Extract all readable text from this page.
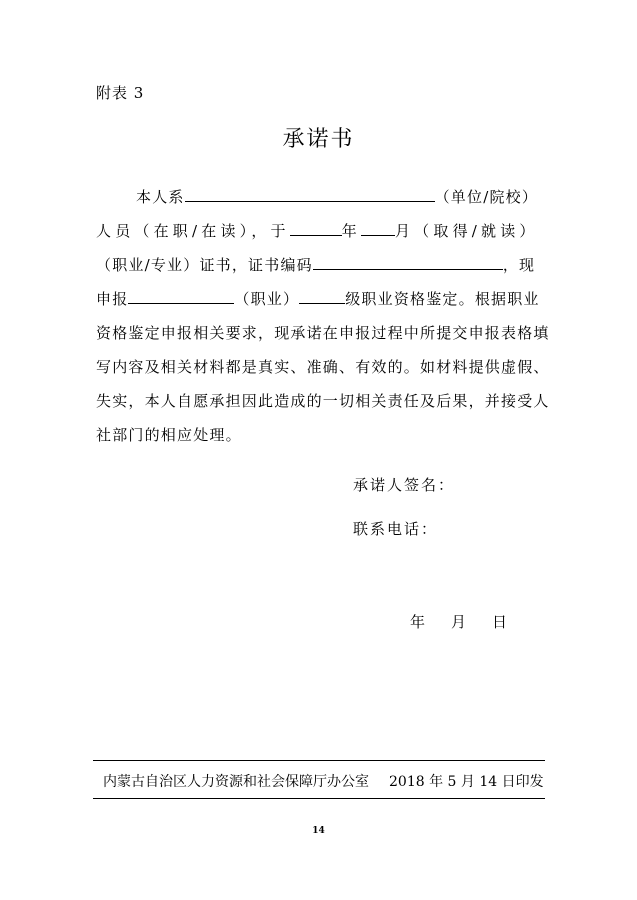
附表 3
承诺书
本人系	（单位/院校）
人员（在职/在读），于	年 月（取得/就读）
（职业/专业）证书，证书编码	，现
申报	（职业）	级职业资格鉴定。根据职业
资格鉴定申报相关要求，现承诺在申报过程中所提交申报表格填
写内容及相关材料都是真实、准确、有效的。如材料提供虚假、
失实，本人自愿承担因此造成的一切相关责任及后果，并接受人
社部门的相应处理。
承诺人签名：
联系电话：
年 月 日
内蒙古自治区人力资源和社会保障厅办公室 2018 年 5 月 14 日印发
14
